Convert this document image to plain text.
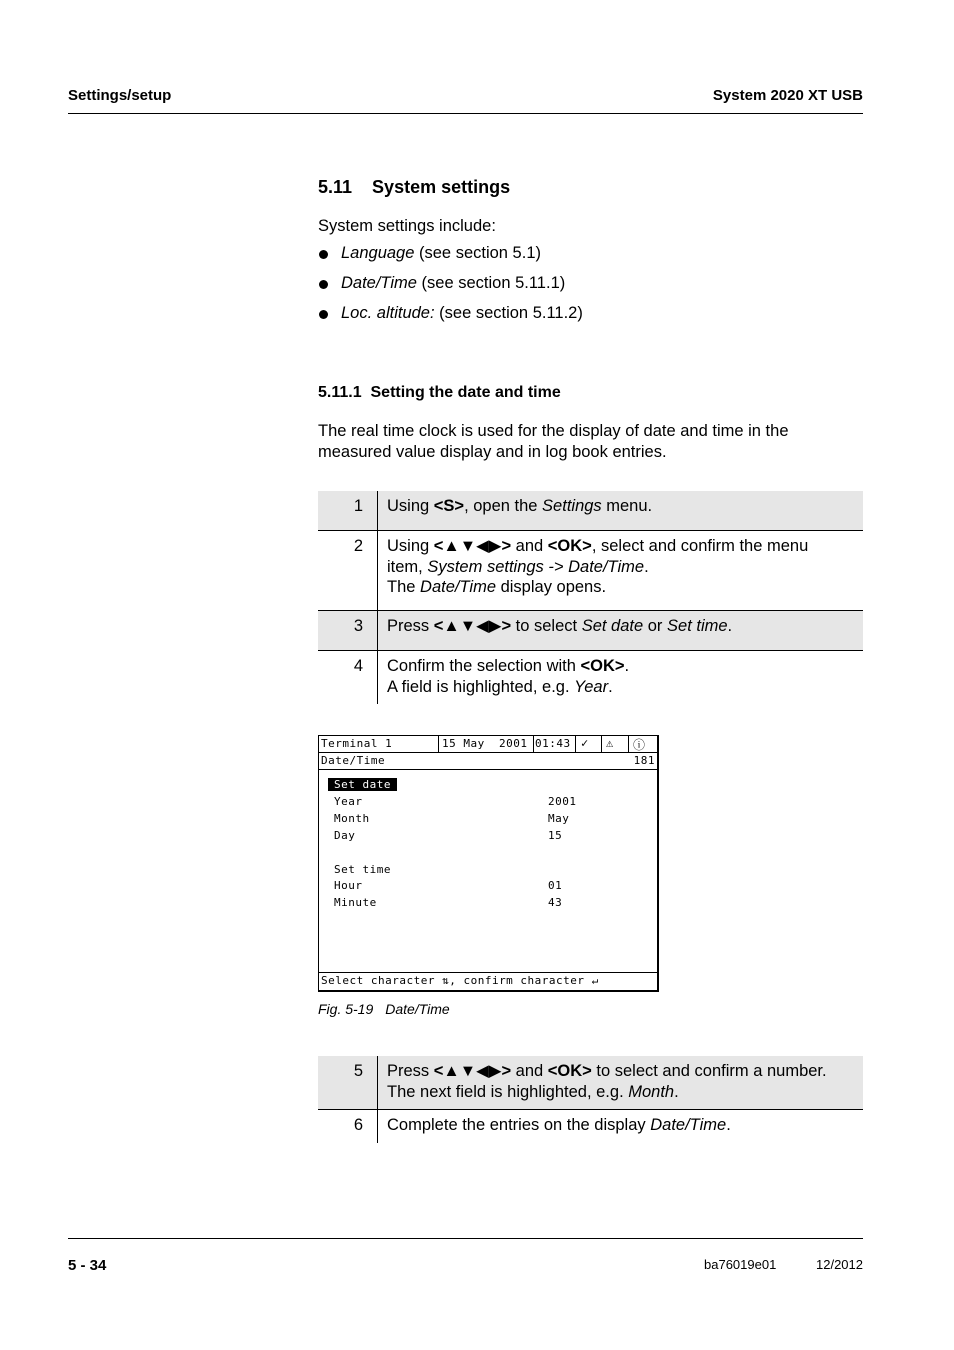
Settings/setup	System 2020 XT USB
5.11 System settings
System settings include:
Language (see section 5.1)
Date/Time (see section 5.11.1)
Loc. altitude: (see section 5.11.2)
5.11.1  Setting the date and time
The real time clock is used for the display of date and time in the
measured value display and in log book entries.
1	Using <S>, open the Settings menu.
2	Using <▲▼◀▶> and <OK>, select and confirm the menu
item, System settings -> Date/Time.
The Date/Time display opens.

3	Press <▲▼◀▶> to select Set date or Set time.
4	Confirm the selection with <OK>.
A field is highlighted, e.g. Year.
Terminal 1	15 May  2001 01:43 ✓ ⚠ ⓘ
Date/Time	181
Set date
Year	2001
Month	May
Day	15
Set time
Hour	01
Minute	43
Select character ⇅, confirm character ↵
Fig. 5-19 Date/Time
5	Press <▲▼◀▶> and <OK> to select and confirm a number.
The next field is highlighted, e.g. Month.

6	Complete the entries on the display Date/Time.
5 - 34	ba76019e01	12/2012
